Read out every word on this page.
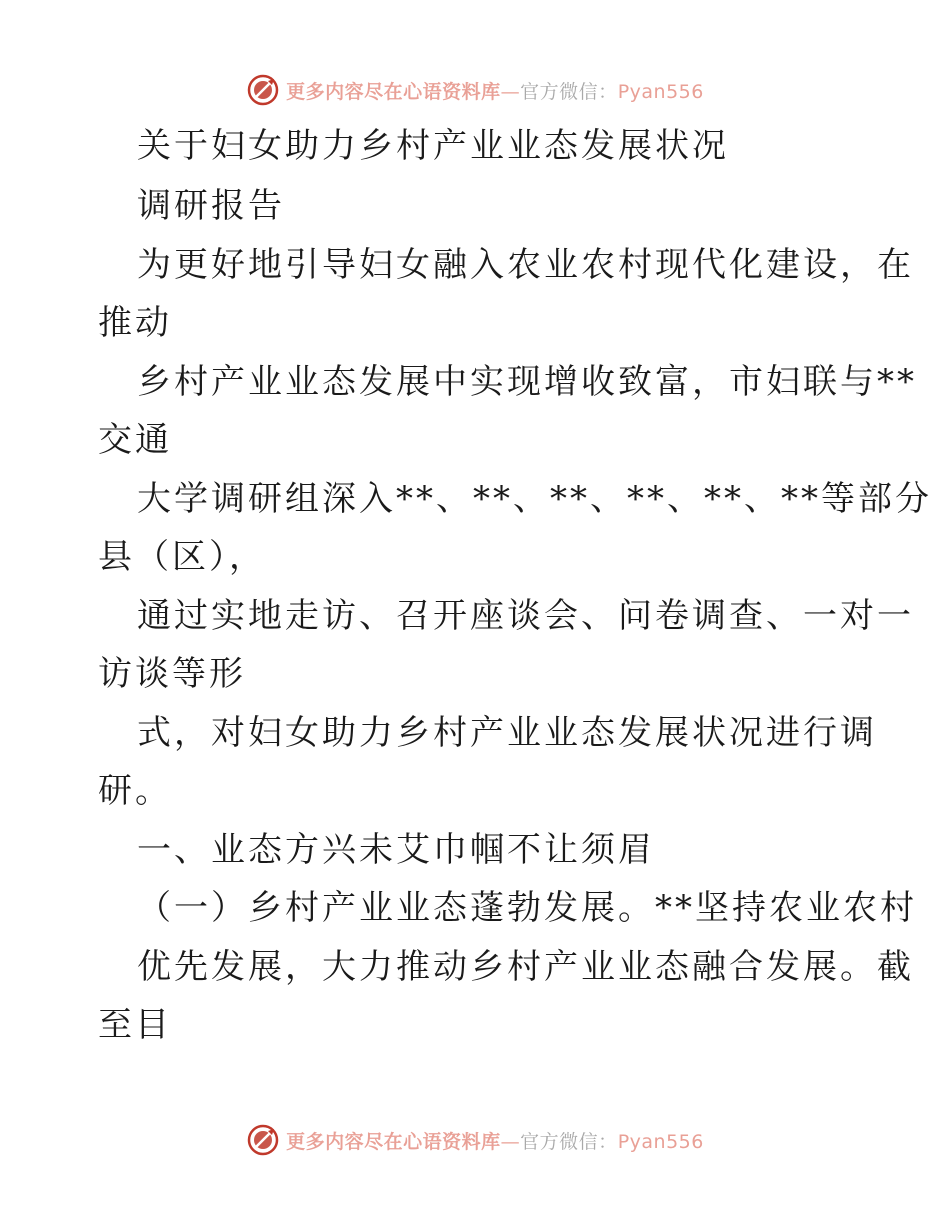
更多内容尽在心语资料库—官方微信：Pyan556
关于妇女助力乡村产业业态发展状况
调研报告
为更好地引导妇女融入农业农村现代化建设，在
推动
乡村产业业态发展中实现增收致富，市妇联与**
交通
大学调研组深入**、**、**、**、**、**等部分
县（区），
通过实地走访、召开座谈会、问卷调查、一对一
访谈等形
式，对妇女助力乡村产业业态发展状况进行调
研。
一、业态方兴未艾巾帼不让须眉
（一）乡村产业业态蓬勃发展。**坚持农业农村
优先发展，大力推动乡村产业业态融合发展。截
至目
更多内容尽在心语资料库—官方微信：Pyan556
